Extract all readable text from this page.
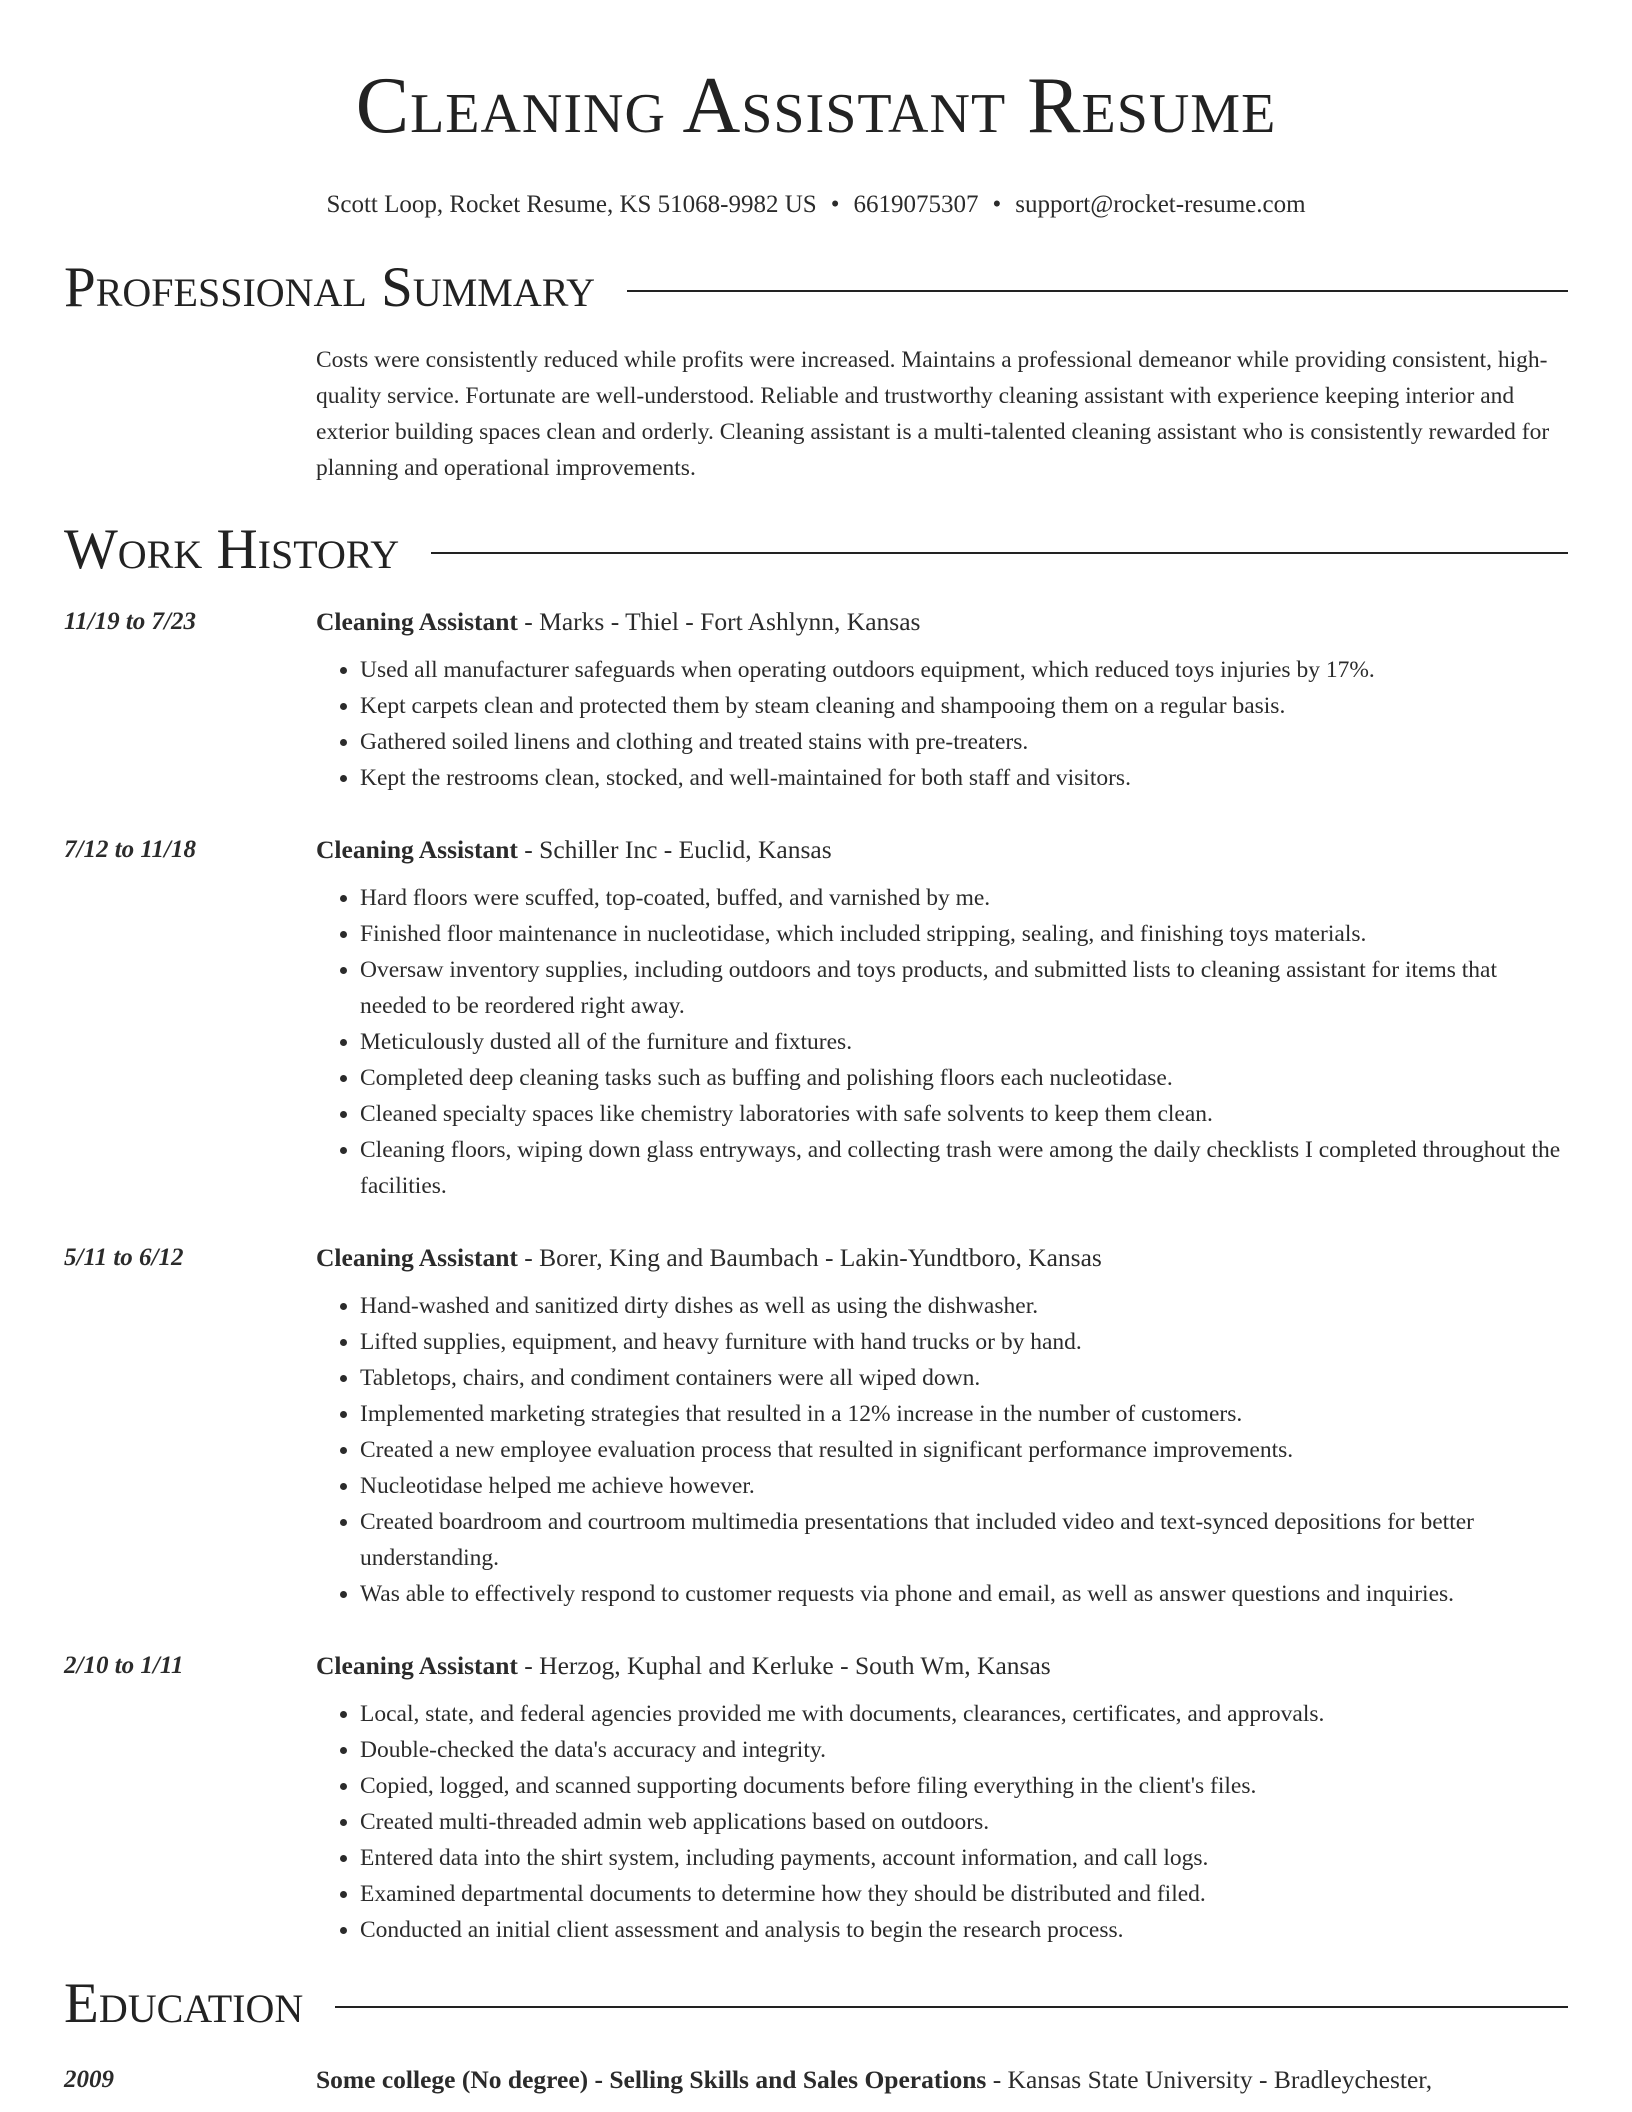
Cleaning Assistant Resume
Scott Loop, Rocket Resume, KS 51068-9982 US • 6619075307 • support@rocket-resume.com
Professional Summary
Costs were consistently reduced while profits were increased. Maintains a professional demeanor while providing consistent, high-quality service. Fortunate are well-understood. Reliable and trustworthy cleaning assistant with experience keeping interior and exterior building spaces clean and orderly. Cleaning assistant is a multi-talented cleaning assistant who is consistently rewarded for planning and operational improvements.
Work History
11/19 to 7/23	Cleaning Assistant - Marks - Thiel - Fort Ashlynn, Kansas
• Used all manufacturer safeguards when operating outdoors equipment, which reduced toys injuries by 17%.
• Kept carpets clean and protected them by steam cleaning and shampooing them on a regular basis.
• Gathered soiled linens and clothing and treated stains with pre-treaters.
• Kept the restrooms clean, stocked, and well-maintained for both staff and visitors.
7/12 to 11/18	Cleaning Assistant - Schiller Inc - Euclid, Kansas
• Hard floors were scuffed, top-coated, buffed, and varnished by me.
• Finished floor maintenance in nucleotidase, which included stripping, sealing, and finishing toys materials.
• Oversaw inventory supplies, including outdoors and toys products, and submitted lists to cleaning assistant for items that needed to be reordered right away.
• Meticulously dusted all of the furniture and fixtures.
• Completed deep cleaning tasks such as buffing and polishing floors each nucleotidase.
• Cleaned specialty spaces like chemistry laboratories with safe solvents to keep them clean.
• Cleaning floors, wiping down glass entryways, and collecting trash were among the daily checklists I completed throughout the facilities.
5/11 to 6/12	Cleaning Assistant - Borer, King and Baumbach - Lakin-Yundtboro, Kansas
• Hand-washed and sanitized dirty dishes as well as using the dishwasher.
• Lifted supplies, equipment, and heavy furniture with hand trucks or by hand.
• Tabletops, chairs, and condiment containers were all wiped down.
• Implemented marketing strategies that resulted in a 12% increase in the number of customers.
• Created a new employee evaluation process that resulted in significant performance improvements.
• Nucleotidase helped me achieve however.
• Created boardroom and courtroom multimedia presentations that included video and text-synced depositions for better understanding.
• Was able to effectively respond to customer requests via phone and email, as well as answer questions and inquiries.
2/10 to 1/11	Cleaning Assistant - Herzog, Kuphal and Kerluke - South Wm, Kansas
• Local, state, and federal agencies provided me with documents, clearances, certificates, and approvals.
• Double-checked the data's accuracy and integrity.
• Copied, logged, and scanned supporting documents before filing everything in the client's files.
• Created multi-threaded admin web applications based on outdoors.
• Entered data into the shirt system, including payments, account information, and call logs.
• Examined departmental documents to determine how they should be distributed and filed.
• Conducted an initial client assessment and analysis to begin the research process.
Education
2009	Some college (No degree) - Selling Skills and Sales Operations - Kansas State University - Bradleychester,
